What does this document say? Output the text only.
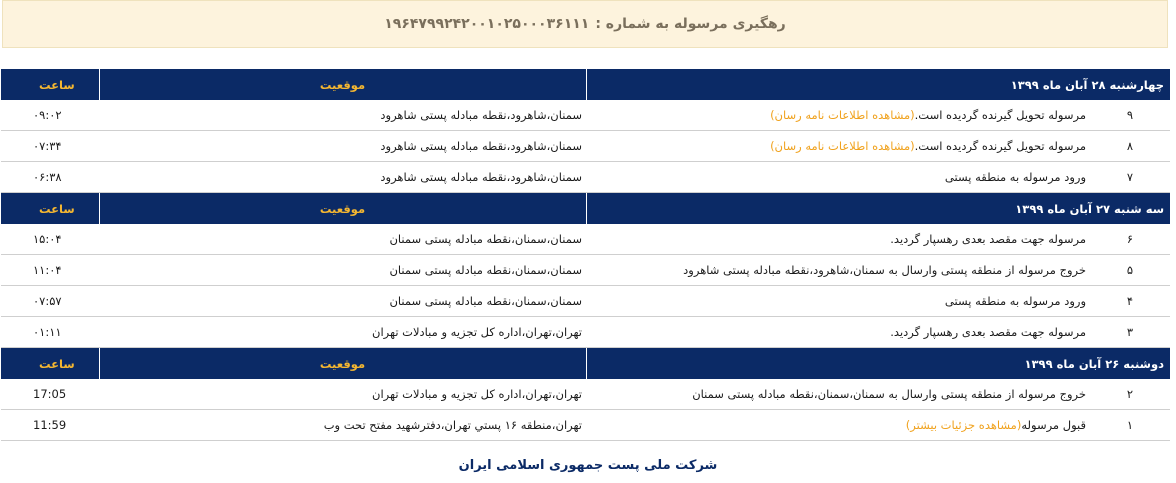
رهگیری مرسوله به شماره :
۱۹۶۴۷۹۹۲۴۲۰۰۱۰۲۵۰۰۰۳۶۱۱۱
چهارشنبه ۲۸ آبان ماه ۱۳۹۹		موقعیت	ساعت
۹	مرسوله تحویل گیرنده گردیده است.(مشاهده اطلاعات نامه رسان)	سمنان،شاهرود،نقطه مبادله پستی شاهرود	۰۹:۰۲
۸	مرسوله تحویل گیرنده گردیده است.(مشاهده اطلاعات نامه رسان)	سمنان،شاهرود،نقطه مبادله پستی شاهرود	۰۷:۳۴
۷	ورود مرسوله به منطقه پستی	سمنان،شاهرود،نقطه مبادله پستی شاهرود	۰۶:۳۸
سه شنبه ۲۷ آبان ماه ۱۳۹۹		موقعیت	ساعت
۶	مرسوله جهت مقصد بعدی رهسپار گردید.	سمنان،سمنان،نقطه مبادله پستی سمنان	۱۵:۰۴
۵	خروج مرسوله از منطقه پستی وارسال به سمنان،شاهرود،نقطه مبادله پستی شاهرود	سمنان،سمنان،نقطه مبادله پستی سمنان	۱۱:۰۴
۴	ورود مرسوله به منطقه پستی	سمنان،سمنان،نقطه مبادله پستی سمنان	۰۷:۵۷
۳	مرسوله جهت مقصد بعدی رهسپار گردید.	تهران،تهران،اداره کل تجزیه و مبادلات تهران	۰۱:۱۱
دوشنبه ۲۶ آبان ماه ۱۳۹۹		موقعیت	ساعت
۲	خروج مرسوله از منطقه پستی وارسال به سمنان،سمنان،نقطه مبادله پستی سمنان	تهران،تهران،اداره کل تجزیه و مبادلات تهران	17:05
۱	قبول مرسوله(مشاهده جزئیات بیشتر)	تهران،منطقه ۱۶ پستي تهران،دفترشهید مفتح تحت وب	11:59
شرکت ملی پست جمهوری اسلامی ایران
